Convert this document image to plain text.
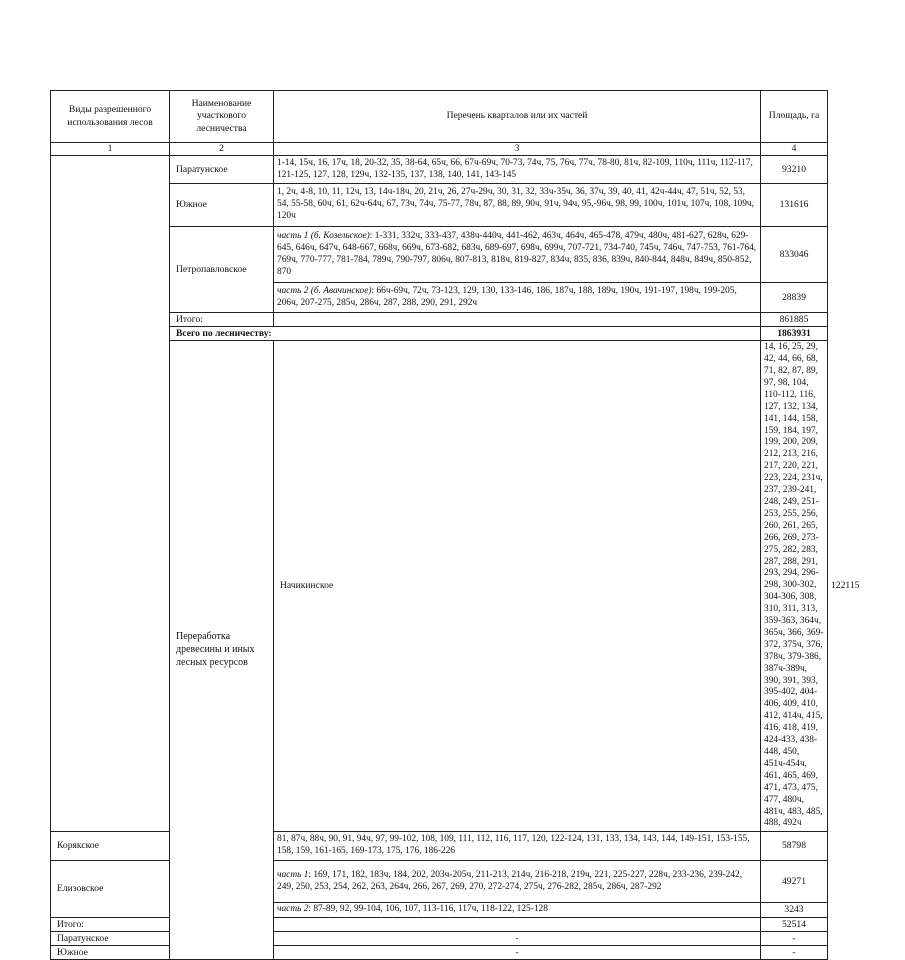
Виды разрешенного использования лесов	Наименование участкового лесничества	Перечень кварталов или их частей	Площадь, га	
1	2	3	4	
	Паратунское	1-14, 15ч, 16, 17ч, 18, 20-32, 35, 38-64, 65ч, 66, 67ч-69ч, 70-73, 74ч, 75, 76ч, 77ч, 78-80, 81ч, 82-109, 110ч, 111ч, 112-117, 121-125, 127, 128, 129ч, 132-135, 137, 138, 140, 141, 143-145	93210	
	Южное	1, 2ч, 4-8, 10, 11, 12ч, 13, 14ч-18ч, 20, 21ч, 26, 27ч-29ч, 30, 31, 32, 33ч-35ч, 36, 37ч, 39, 40, 41, 42ч-44ч, 47, 51ч, 52, 53, 54, 55-58, 60ч, 61, 62ч-64ч, 67, 73ч, 74ч, 75-77, 78ч, 87, 88, 89, 90ч, 91ч, 94ч, 95,-96ч, 98, 99, 100ч, 101ч, 107ч, 108, 109ч, 120ч	131616	
	Петропавловское	часть 1 (б. Козельское): 1-331, 332ч, 333-437, 438ч-440ч, 441-462, 463ч, 464ч, 465-478, 479ч, 480ч, 481-627, 628ч, 629-645, 646ч, 647ч, 648-667, 668ч, 669ч, 673-682, 683ч, 689-697, 698ч, 699ч, 707-721, 734-740, 745ч, 746ч, 747-753, 761-764, 769ч, 770-777, 781-784, 789ч, 790-797, 806ч, 807-813, 818ч, 819-827, 834ч, 835, 836, 839ч, 840-844, 848ч, 849ч, 850-852, 870	833046	
		часть 2 (б. Авачинское): 66ч-69ч, 72ч, 73-123, 129, 130, 133-146, 186, 187ч, 188, 189ч, 190ч, 191-197, 198ч, 199-205, 206ч, 207-275, 285ч, 286ч, 287, 288, 290, 291, 292ч	28839	
	Итого:		861885	
	Всего по лесничеству:		1863931	
	Переработка древесины и иных лесных ресурсов	Начикинское	14, 16, 25, 29, 42, 44, 66, 68, 71, 82, 87, 89, 97, 98, 104, 110-112, 116, 127, 132, 134, 141, 144, 158, 159, 184, 197, 199, 200, 209, 212, 213, 216, 217, 220, 221, 223, 224, 231ч, 237, 239-241, 248, 249, 251-253, 255, 256, 260, 261, 265, 266, 269, 273-275, 282, 283, 287, 288, 291, 293, 294, 296-298, 300-302, 304-306, 308, 310, 311, 313, 359-363, 364ч, 365ч, 366, 369-372, 375ч, 376, 378ч, 379-386, 387ч-389ч, 390, 391, 393, 395-402, 404-406, 409, 410, 412, 414ч, 415, 416, 418, 419, 424-433, 438-448, 450, 451ч-454ч, 461, 465, 469, 471, 473, 475, 477, 480ч, 481ч, 483, 485, 488, 492ч	122115
Корякское		81, 87ч, 88ч, 90, 91, 94ч, 97, 99-102, 108, 109, 111, 112, 116, 117, 120, 122-124, 131, 133, 134, 143, 144, 149-151, 153-155, 158, 159, 161-165, 169-173, 175, 176, 186-226	58798	
Елизовское		часть 1: 169, 171, 182, 183ч, 184, 202, 203ч-205ч, 211-213, 214ч, 216-218, 219ч, 221, 225-227, 228ч, 233-236, 239-242, 249, 250, 253, 254, 262, 263, 264ч, 266, 267, 269, 270, 272-274, 275ч, 276-282, 285ч, 286ч, 287-292	49271	
		часть 2: 87-89, 92, 99-104, 106, 107, 113-116, 117ч, 118-122, 125-128	3243	
Итого:			52514	
Паратунское		-	-	
Южное		-	-	
